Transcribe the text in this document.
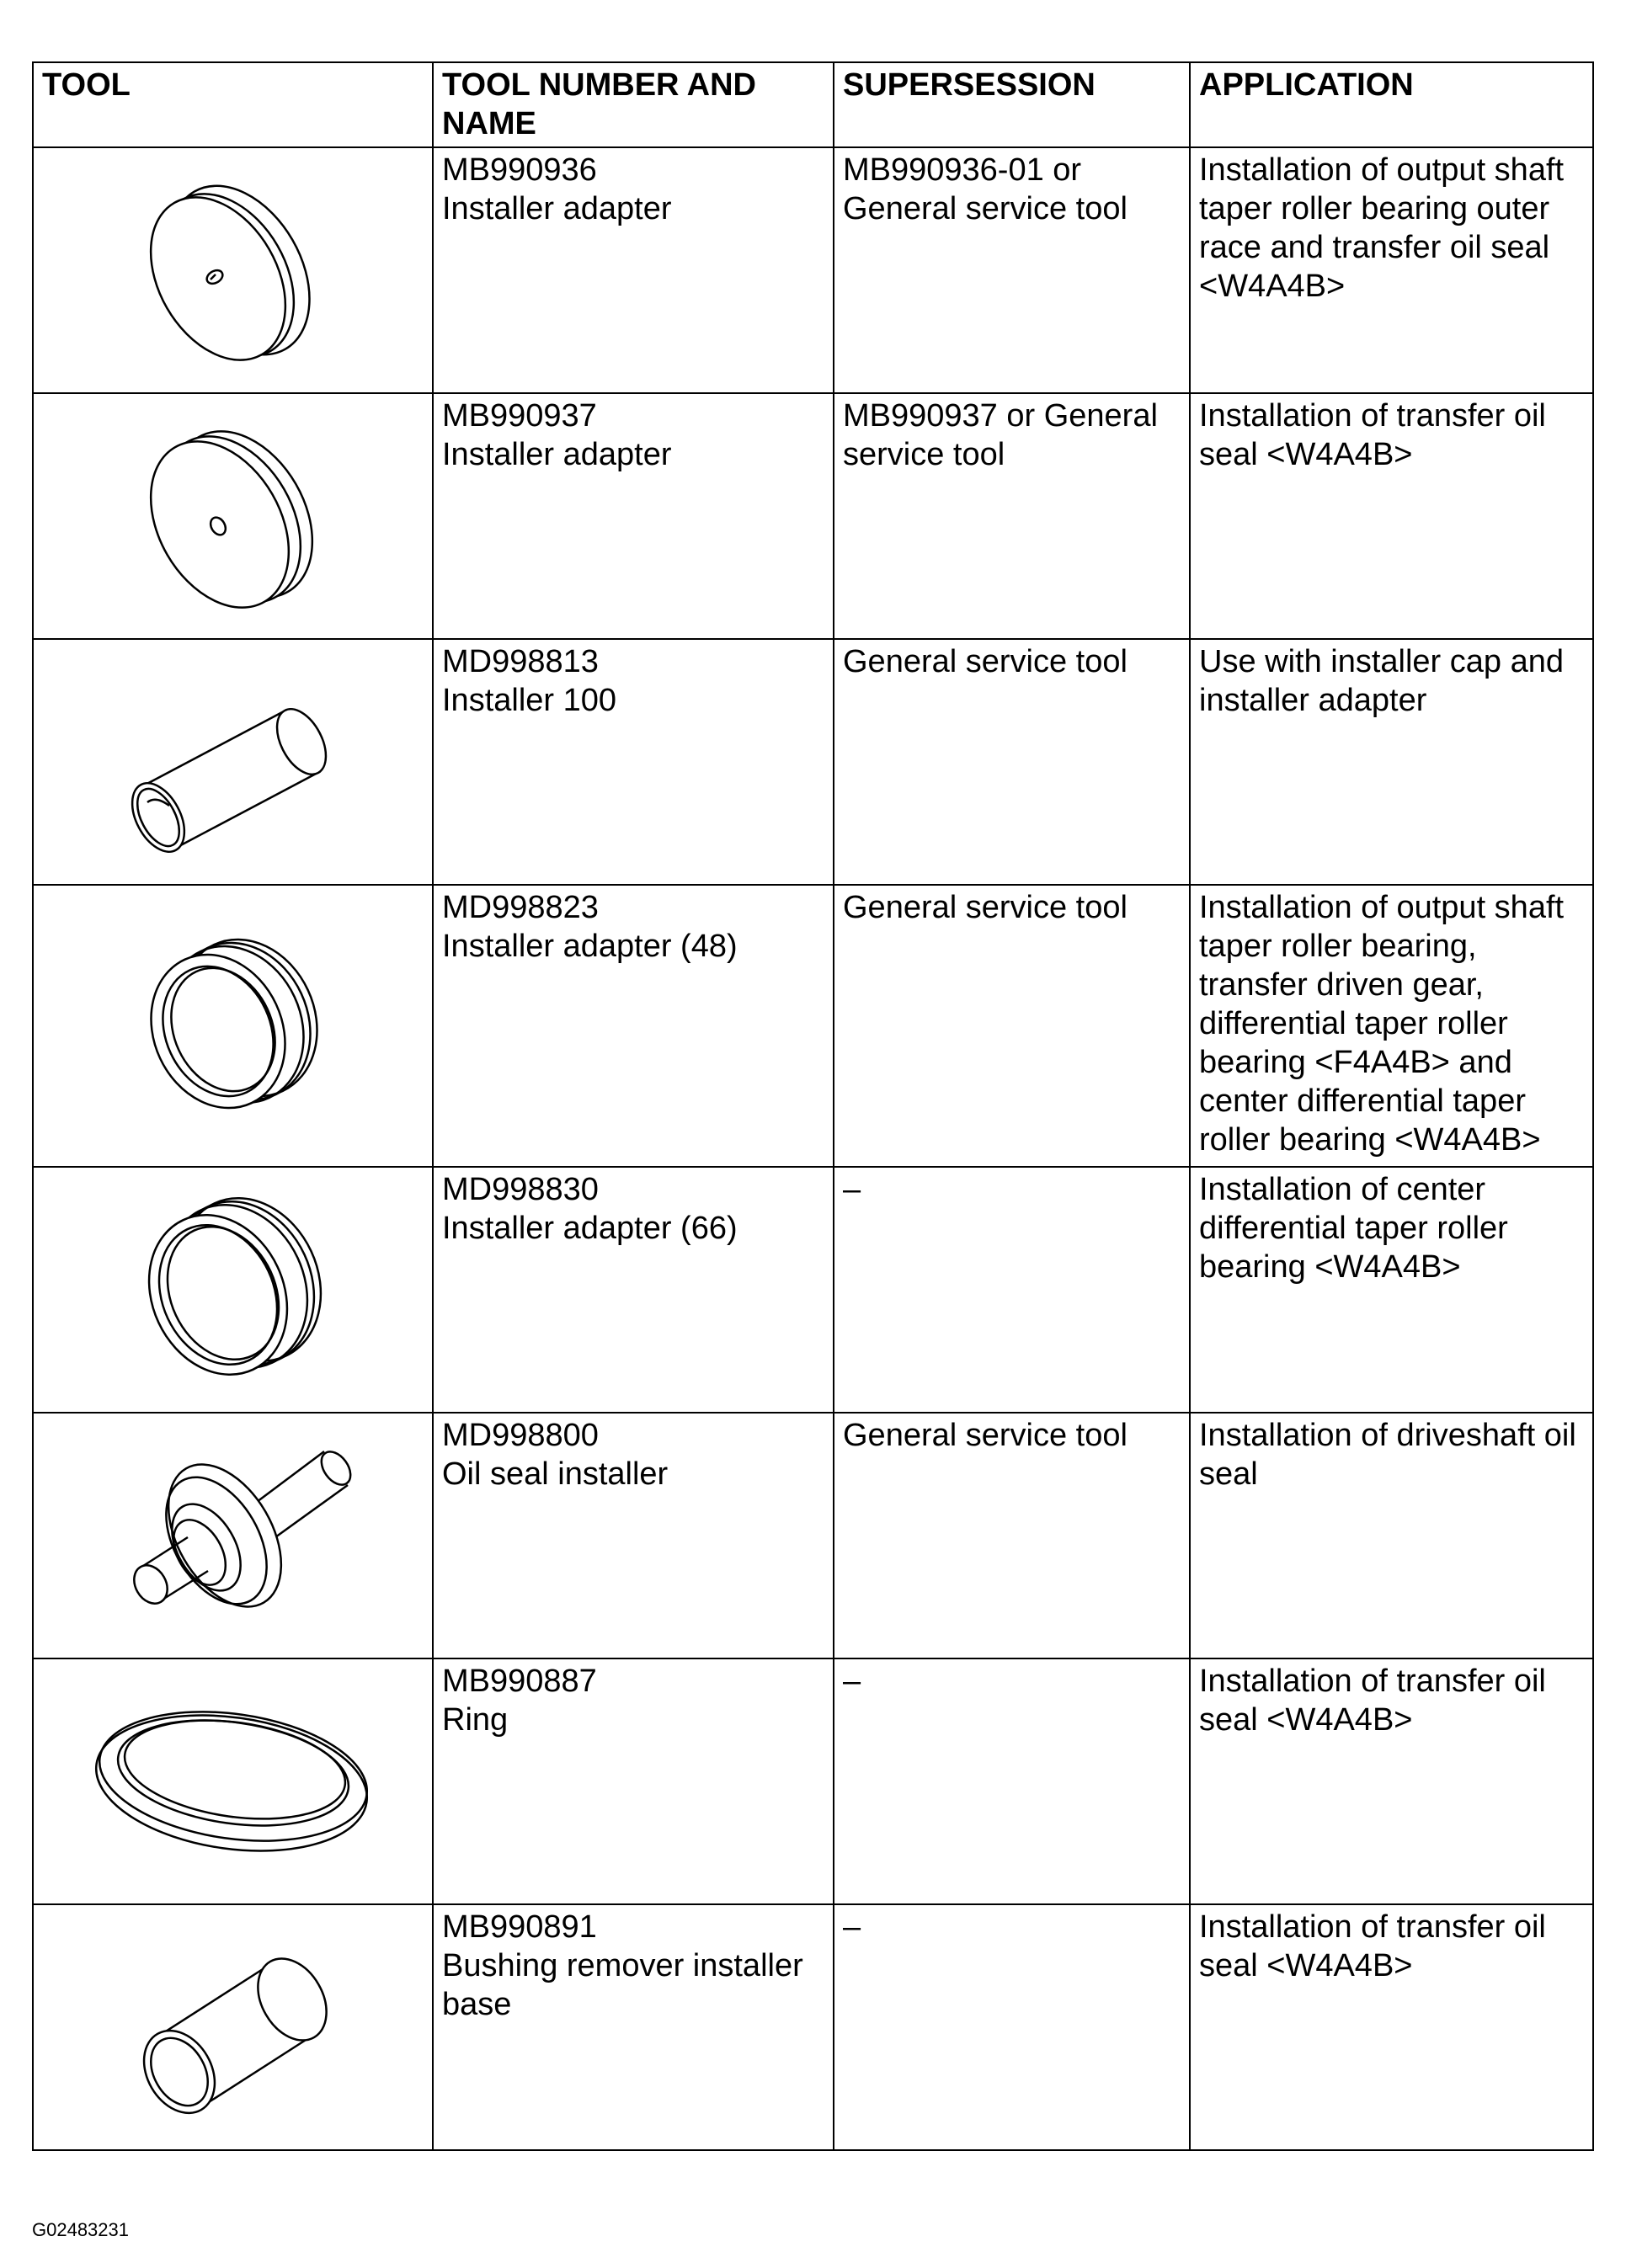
TOOL	TOOL NUMBER AND NAME	SUPERSESSION	APPLICATION

MB990936
Installer adapter	MB990936-01 or General service tool	Installation of output shaft taper roller bearing outer race and transfer oil seal <W4A4B>

MB990937
Installer adapter	MB990937 or General service tool	Installation of transfer oil seal <W4A4B>

MD998813
Installer 100	General service tool	Use with installer cap and installer adapter

MD998823
Installer adapter (48)	General service tool	Installation of output shaft taper roller bearing, transfer driven gear, differential taper roller bearing <F4A4B> and center differential taper roller bearing <W4A4B>

MD998830
Installer adapter (66)	–	Installation of center differential taper roller bearing <W4A4B>

MD998800
Oil seal installer	General service tool	Installation of driveshaft oil seal

MB990887
Ring	–	Installation of transfer oil seal <W4A4B>

MB990891
Bushing remover installer base	–	Installation of transfer oil seal <W4A4B>
G02483231
